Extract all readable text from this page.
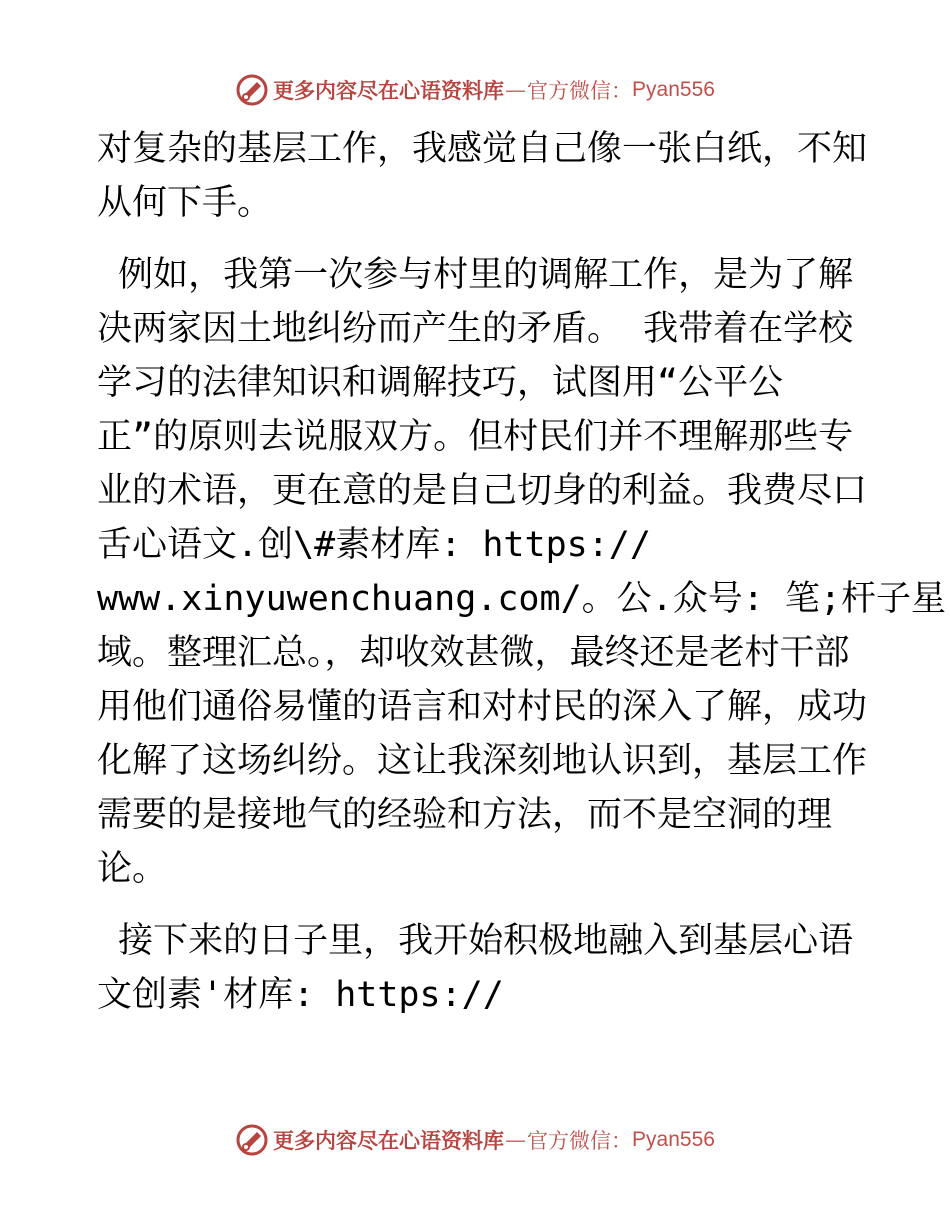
更多内容尽在心语资料库 — 官方微信： Pyan556
对复杂的基层工作，我感觉自己像一张白纸，不知
从何下手。
例如，我第一次参与村里的调解工作，是为了解
决两家因土地纠纷而产生的矛盾。 我带着在学校
学习的法律知识和调解技巧，试图用“公平公
正”的原则去说服双方。但村民们并不理解那些专
业的术语，更在意的是自己切身的利益。我费尽口
舌心语文.创\#素材库: https://
www.xinyuwenchuang.com/。公.众号: 笔;杆子星
域。整理汇总。，却收效甚微，最终还是老村干部
用他们通俗易懂的语言和对村民的深入了解，成功
化解了这场纠纷。这让我深刻地认识到，基层工作
需要的是接地气的经验和方法，而不是空洞的理
论。
接下来的日子里，我开始积极地融入到基层心语
文创素'材库: https://
更多内容尽在心语资料库 — 官方微信： Pyan556
